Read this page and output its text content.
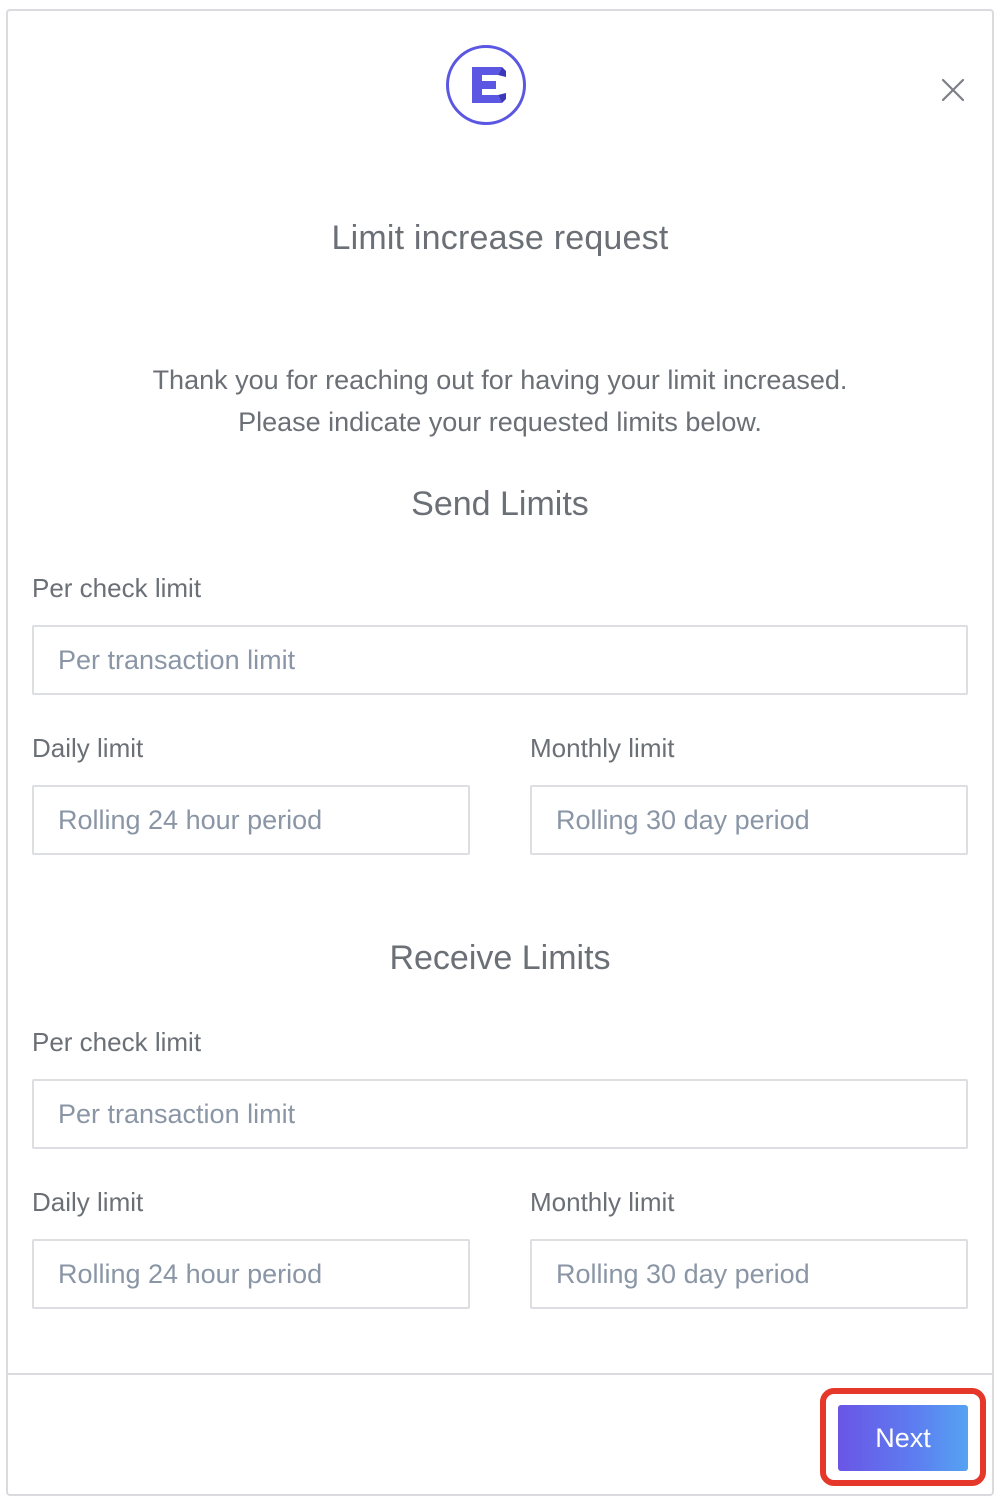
Limit increase request
Thank you for reaching out for having your limit increased.
Please indicate your requested limits below.
Send Limits
Per check limit
Per transaction limit
Daily limit
Rolling 24 hour period	Monthly limit
Rolling 30 day period
Receive Limits
Per check limit
Per transaction limit
Daily limit
Rolling 24 hour period	Monthly limit
Rolling 30 day period
Next
